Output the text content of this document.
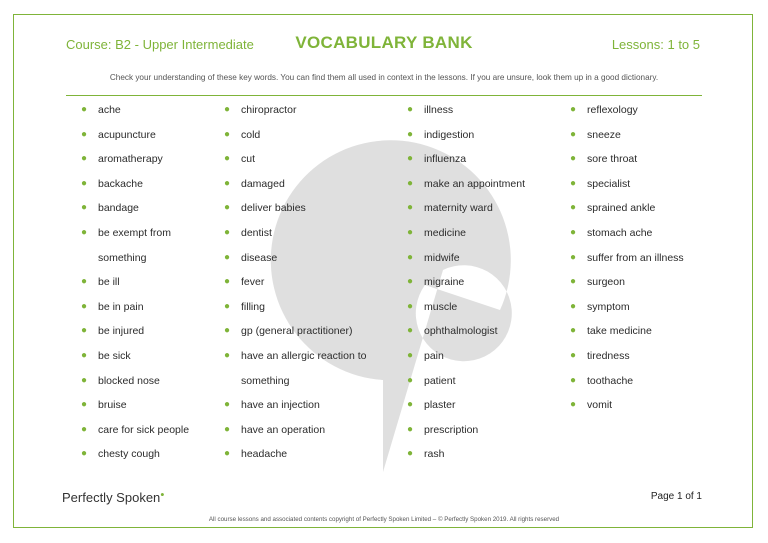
Course: B2 - Upper Intermediate	VOCABULARY BANK	Lessons: 1 to 5
Check your understanding of these key words. You can find them all used in context in the lessons. If you are unsure, look them up in a good dictionary.
● ache
● acupuncture
● aromatherapy
● backache
● bandage
● be exempt from
something
● be ill
● be in pain
● be injured
● be sick
● blocked nose
● bruise
● care for sick people
● chesty cough
● chiropractor
● cold
● cut
● damaged
● deliver babies
● dentist
● disease
● fever
● filling
● gp (general practitioner)
● have an allergic reaction to
something
● have an injection
● have an operation
● headache
● illness
● indigestion
● influenza
● make an appointment
● maternity ward
● medicine
● midwife
● migraine
● muscle
● ophthalmologist
● pain
● patient
● plaster
● prescription
● rash
● reflexology
● sneeze
● sore throat
● specialist
● sprained ankle
● stomach ache
● suffer from an illness
● surgeon
● symptom
● take medicine
● tiredness
● toothache
● vomit
Perfectly Spoken●	Page 1 of 1
All course lessons and associated contents copyright of Perfectly Spoken Limited – © Perfectly Spoken 2019. All rights reserved
